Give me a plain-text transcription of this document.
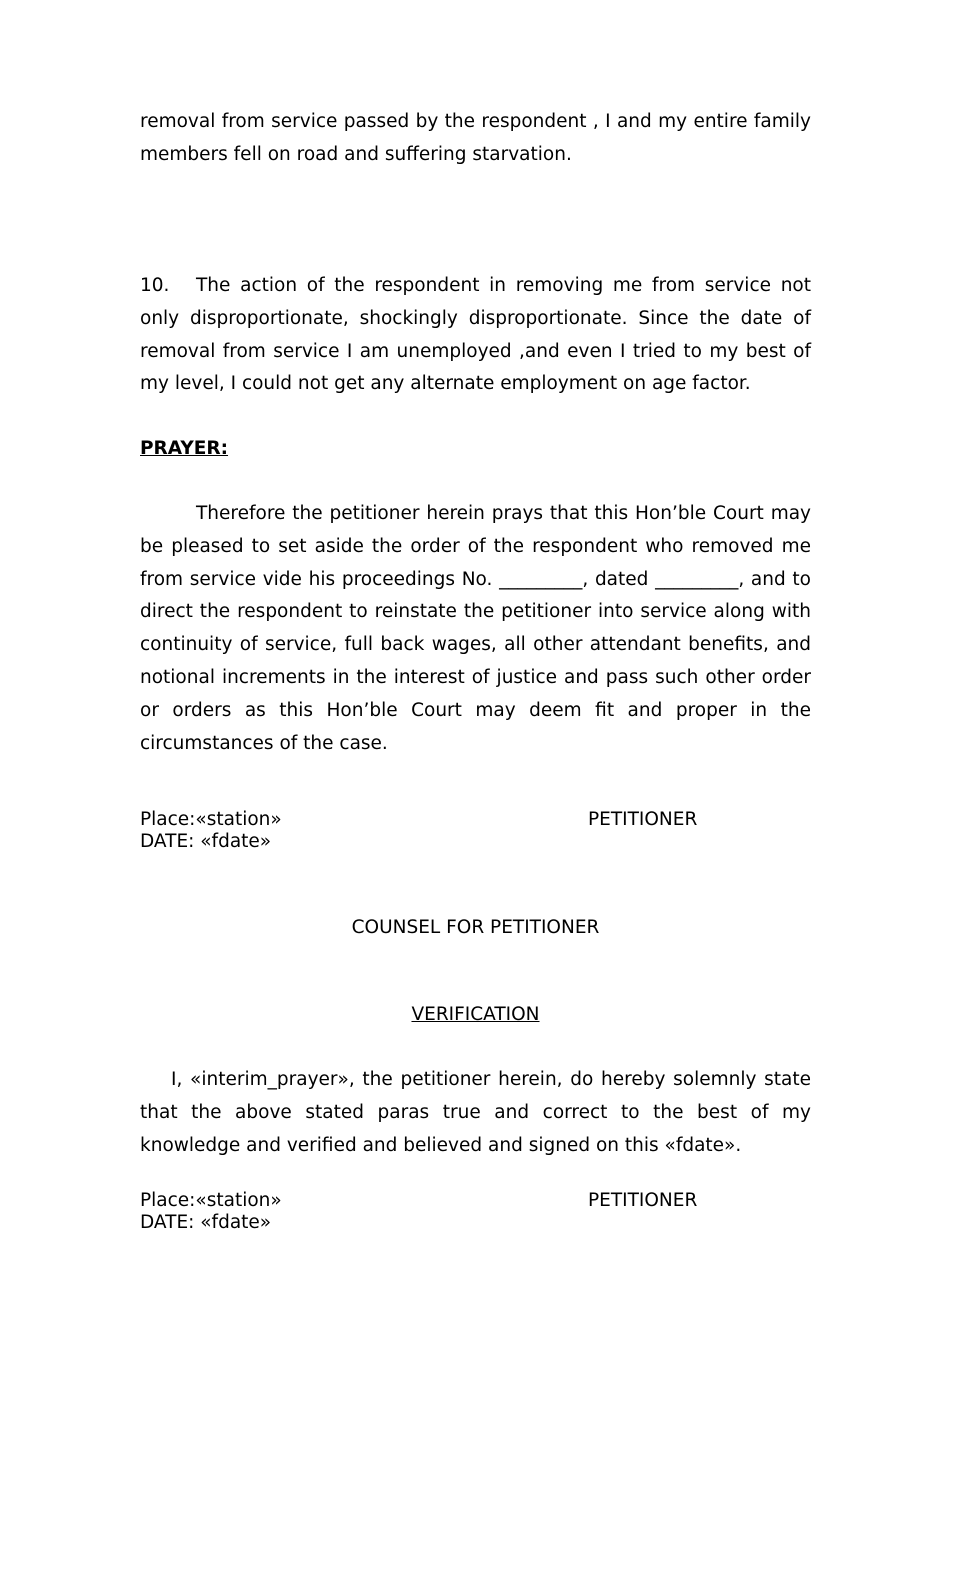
removal from service passed by the respondent , I and my entire family members fell on road and suffering starvation.

10. The action of the respondent in removing me from service not only disproportionate, shockingly disproportionate. Since the date of removal from service I am unemployed ,and even I tried to my best of my level, I could not get any alternate employment on age factor.

PRAYER:

Therefore the petitioner herein prays that this Hon’ble Court may be pleased to set aside the order of the respondent who removed me from service vide his proceedings No. _________, dated _________, and to direct the respondent to reinstate the petitioner into service along with continuity of service, full back wages, all other attendant benefits, and notional increments in the interest of justice and pass such other order or orders as this Hon’ble Court may deem fit and proper in the circumstances of the case.

Place:«station»

DATE: «fdate»

PETITIONER

COUNSEL FOR PETITIONER

VERIFICATION

I, «interim_prayer», the petitioner herein, do hereby solemnly state that the above stated paras true and correct to the best of my knowledge and verified and believed and signed on this «fdate».

Place:«station»

DATE: «fdate»

PETITIONER
